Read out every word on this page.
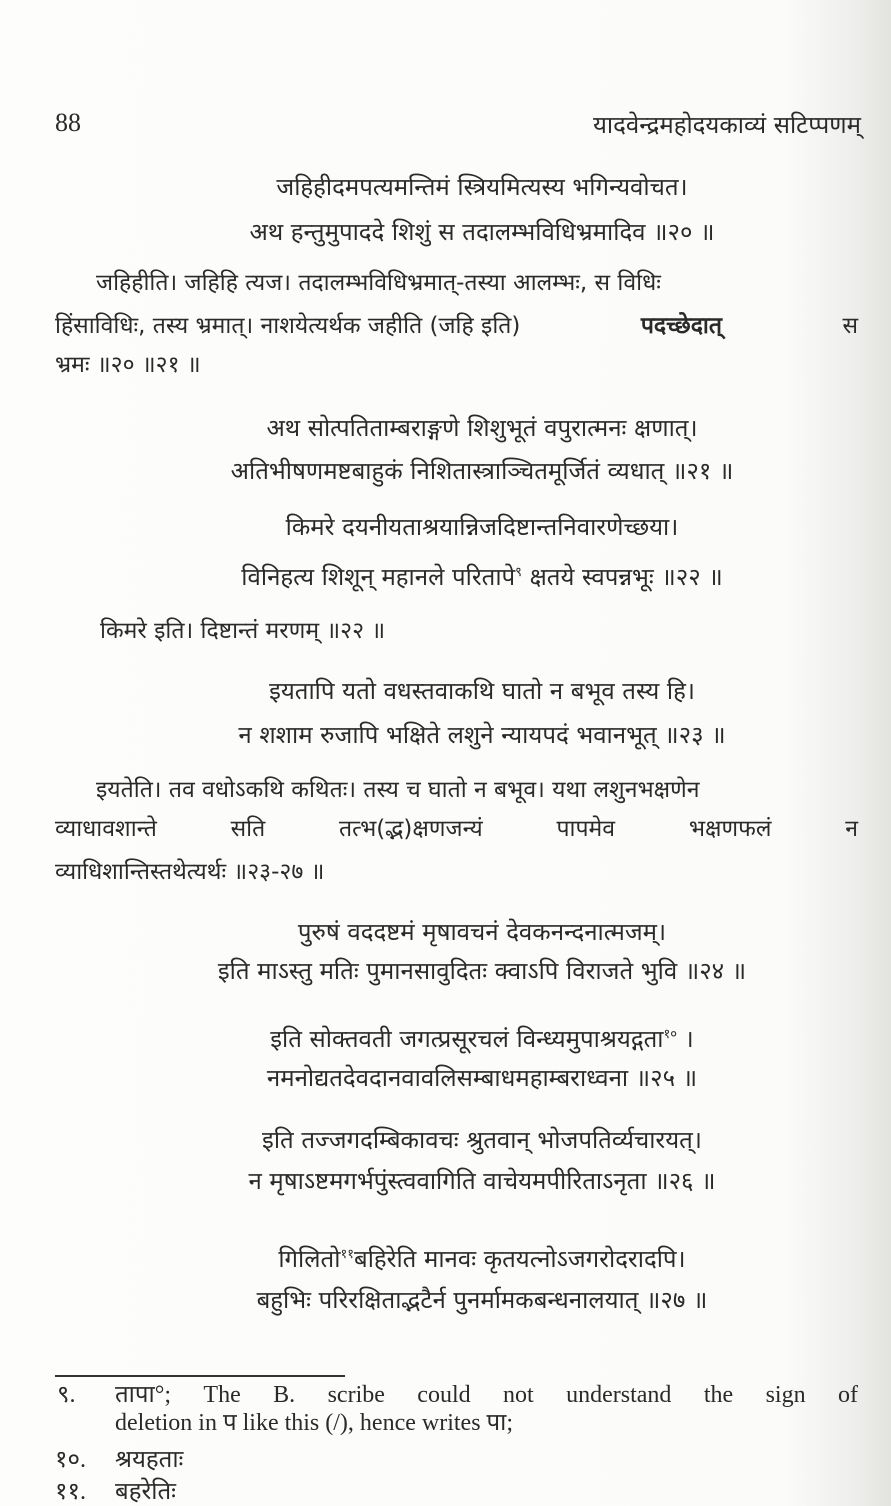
88	यादवेन्द्रमहोदयकाव्यं सटिप्पणम्
जहिहीदमपत्यमन्तिमं स्त्रियमित्यस्य भगिन्यवोचत।
अथ हन्तुमुपाददे शिशुं स तदालम्भविधिभ्रमादिव ॥२० ॥
जहिहीति। जहिहि त्यज। तदालम्भविधिभ्रमात्-तस्या आलम्भः, स विधिः
हिंसाविधिः, तस्य भ्रमात्। नाशयेत्यर्थक जहीति (जहि इति)	पदच्छेदात्	स
भ्रमः ॥२० ॥२१ ॥
अथ सोत्पतिताम्बराङ्गणे शिशुभूतं वपुरात्मनः क्षणात्।
अतिभीषणमष्टबाहुकं निशितास्त्राञ्चितमूर्जितं व्यधात् ॥२१ ॥
किमरे दयनीयताश्रयान्निजदिष्टान्तनिवारणेच्छया।
विनिहत्य शिशून् महानले परितापे$^९$ क्षतये स्वपन्नभूः ॥२२ ॥
किमरे इति। दिष्टान्तं मरणम् ॥२२ ॥
इयतापि यतो वधस्तवाकथि घातो न बभूव तस्य हि।
न शशाम रुजापि भक्षिते लशुने न्यायपदं भवानभूत् ॥२३ ॥
इयतेति। तव वधोऽकथि कथितः। तस्य च घातो न बभूव। यथा लशुनभक्षणेन
व्याधावशान्ते	सति	तत्भ(द्भ)क्षणजन्यं	पापमेव	भक्षणफलं	न
व्याधिशान्तिस्तथेत्यर्थः ॥२३-२७ ॥
पुरुषं वददष्टमं मृषावचनं देवकनन्दनात्मजम्।
इति माऽस्तु मतिः पुमानसावुदितः क्वाऽपि विराजते भुवि ॥२४ ॥
इति सोक्तवती जगत्प्रसूरचलं विन्ध्यमुपाश्रयद्गता$^{१०}$ ।
नमनोद्यतदेवदानवावलिसम्बाधमहाम्बराध्वना ॥२५ ॥
इति तज्जगदम्बिकावचः श्रुतवान् भोजपतिर्व्यचारयत्।
न मृषाऽष्टमगर्भपुंस्त्ववागिति वाचेयमपीरिताऽनृता ॥२६ ॥
गिलितो$^{११}$बहिरेति मानवः कृतयत्नोऽजगरोदरादपि।
बहुभिः परिरक्षिताद्भटैर्न पुनर्मामकबन्धनालयात् ॥२७ ॥
९. तापा°; The B. scribe could not understand the sign of
deletion in प like this (/), hence writes पा;
१०. श्रयहताः
११. बहरेतिः
